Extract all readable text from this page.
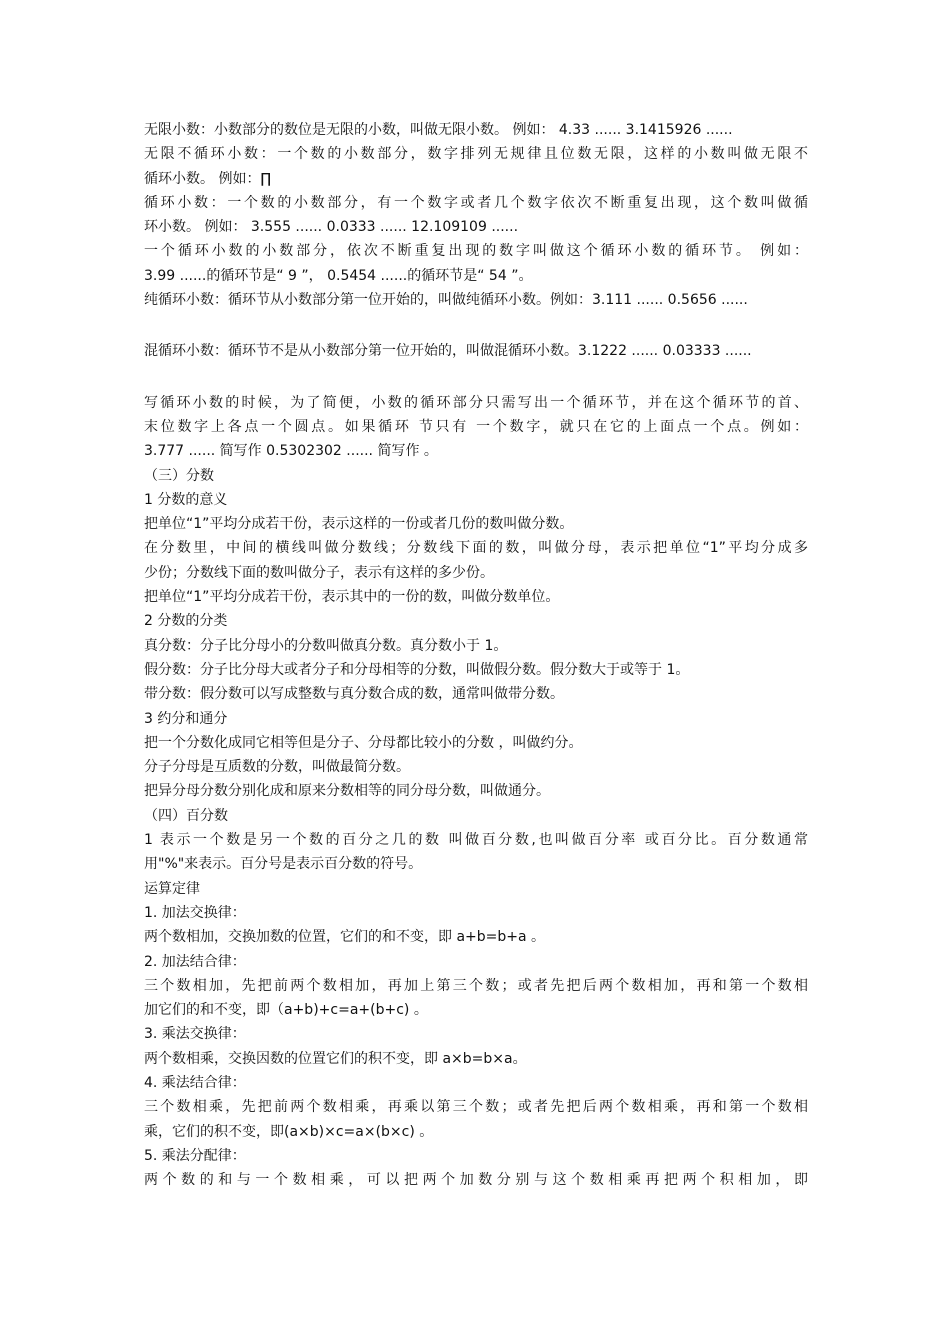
无限小数：小数部分的数位是无限的小数，叫做无限小数。 例如： 4.33 ...... 3.1415926 ......
无限不循环小数：一个数的小数部分，数字排列无规律且位数无限，这样的小数叫做无限不
循环小数。 例如：∏
循环小数：一个数的小数部分，有一个数字或者几个数字依次不断重复出现，这个数叫做循
环小数。 例如： 3.555 ...... 0.0333 ...... 12.109109 ......
一个循环小数的小数部分，依次不断重复出现的数字叫做这个循环小数的循环节。 例如：
3.99 ......的循环节是“ 9 ”， 0.5454 ......的循环节是“ 54 ”。
纯循环小数：循环节从小数部分第一位开始的，叫做纯循环小数。例如：3.111 ...... 0.5656 ......
混循环小数：循环节不是从小数部分第一位开始的，叫做混循环小数。3.1222 ...... 0.03333 ......
写循环小数的时候，为了简便，小数的循环部分只需写出一个循环节，并在这个循环节的首、
末位数字上各点一个圆点。如果循环 节只有 一个数字，就只在它的上面点一个点。例如：
3.777 ...... 简写作 0.5302302 ...... 简写作 。
（三）分数
1 分数的意义
把单位“1”平均分成若干份，表示这样的一份或者几份的数叫做分数。
在分数里，中间的横线叫做分数线；分数线下面的数，叫做分母，表示把单位“1”平均分成多
少份；分数线下面的数叫做分子，表示有这样的多少份。
把单位“1”平均分成若干份，表示其中的一份的数，叫做分数单位。
2 分数的分类
真分数：分子比分母小的分数叫做真分数。真分数小于 1。
假分数：分子比分母大或者分子和分母相等的分数，叫做假分数。假分数大于或等于 1。
带分数：假分数可以写成整数与真分数合成的数，通常叫做带分数。
3 约分和通分
把一个分数化成同它相等但是分子、分母都比较小的分数 ，叫做约分。
分子分母是互质数的分数，叫做最简分数。
把异分母分数分别化成和原来分数相等的同分母分数，叫做通分。
（四）百分数
1 表示一个数是另一个数的百分之几的数 叫做百分数,也叫做百分率 或百分比。百分数通常
用"%"来表示。百分号是表示百分数的符号。
运算定律
1. 加法交换律：
两个数相加，交换加数的位置，它们的和不变，即 a+b=b+a 。
2. 加法结合律：
三个数相加，先把前两个数相加，再加上第三个数；或者先把后两个数相加，再和第一个数相
加它们的和不变，即（a+b)+c=a+(b+c) 。
3. 乘法交换律：
两个数相乘，交换因数的位置它们的积不变，即 a×b=b×a。
4. 乘法结合律：
三个数相乘，先把前两个数相乘，再乘以第三个数；或者先把后两个数相乘，再和第一个数相
乘，它们的积不变，即(a×b)×c=a×(b×c) 。
5. 乘法分配律：
两个数的和与一个数相乘，可以把两个加数分别与这个数相乘再把两个积相加，即
